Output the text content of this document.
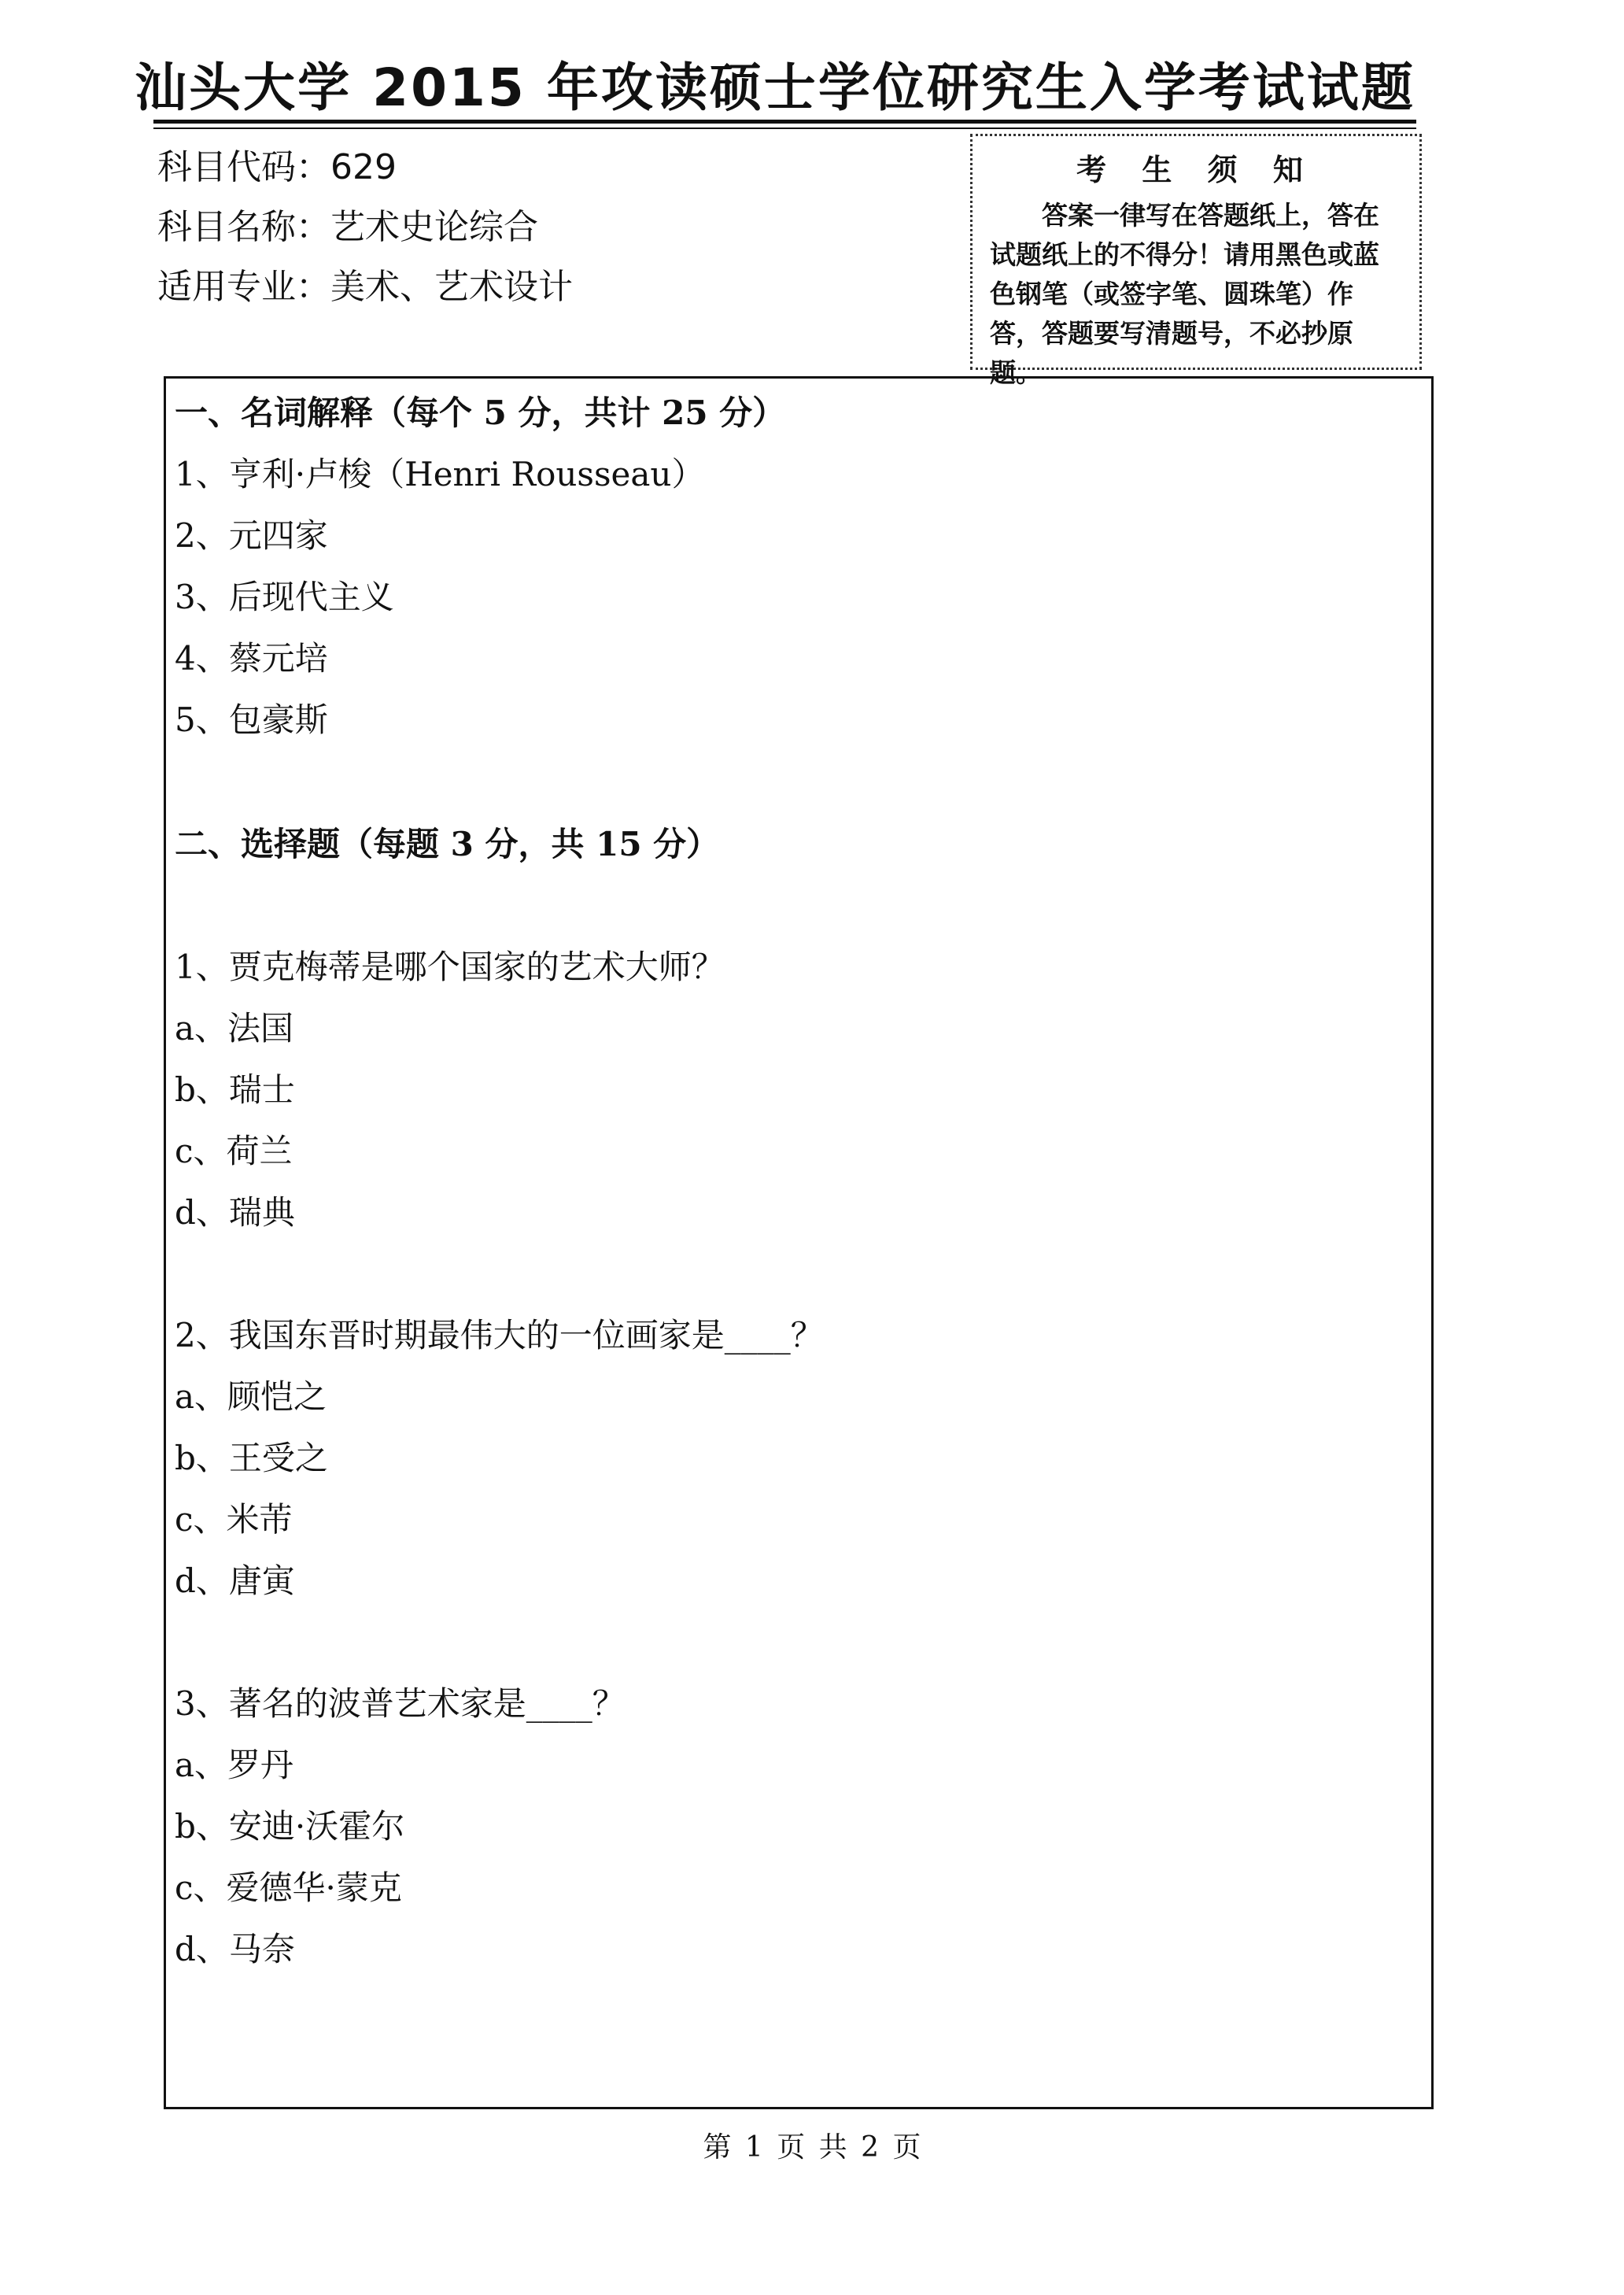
汕头大学 2015 年攻读硕士学位研究生入学考试试题
科目代码：629
科目名称：艺术史论综合
适用专业：美术、艺术设计
考 生 须 知
答案一律写在答题纸上，答在试题纸上的不得分！请用黑色或蓝色钢笔（或签字笔、圆珠笔）作答，答题要写清题号，不必抄原题。
一、名词解释（每个 5 分，共计 25 分）
1、亨利·卢梭（Henri Rousseau）
2、元四家
3、后现代主义
4、蔡元培
5、包豪斯
二、选择题（每题 3 分，共 15 分）
1、贾克梅蒂是哪个国家的艺术大师？
a、法国
b、瑞士
c、荷兰
d、瑞典
2、我国东晋时期最伟大的一位画家是____？
a、顾恺之
b、王受之
c、米芾
d、唐寅
3、著名的波普艺术家是____？
a、罗丹
b、安迪·沃霍尔
c、爱德华·蒙克
d、马奈
第 1 页 共 2 页
